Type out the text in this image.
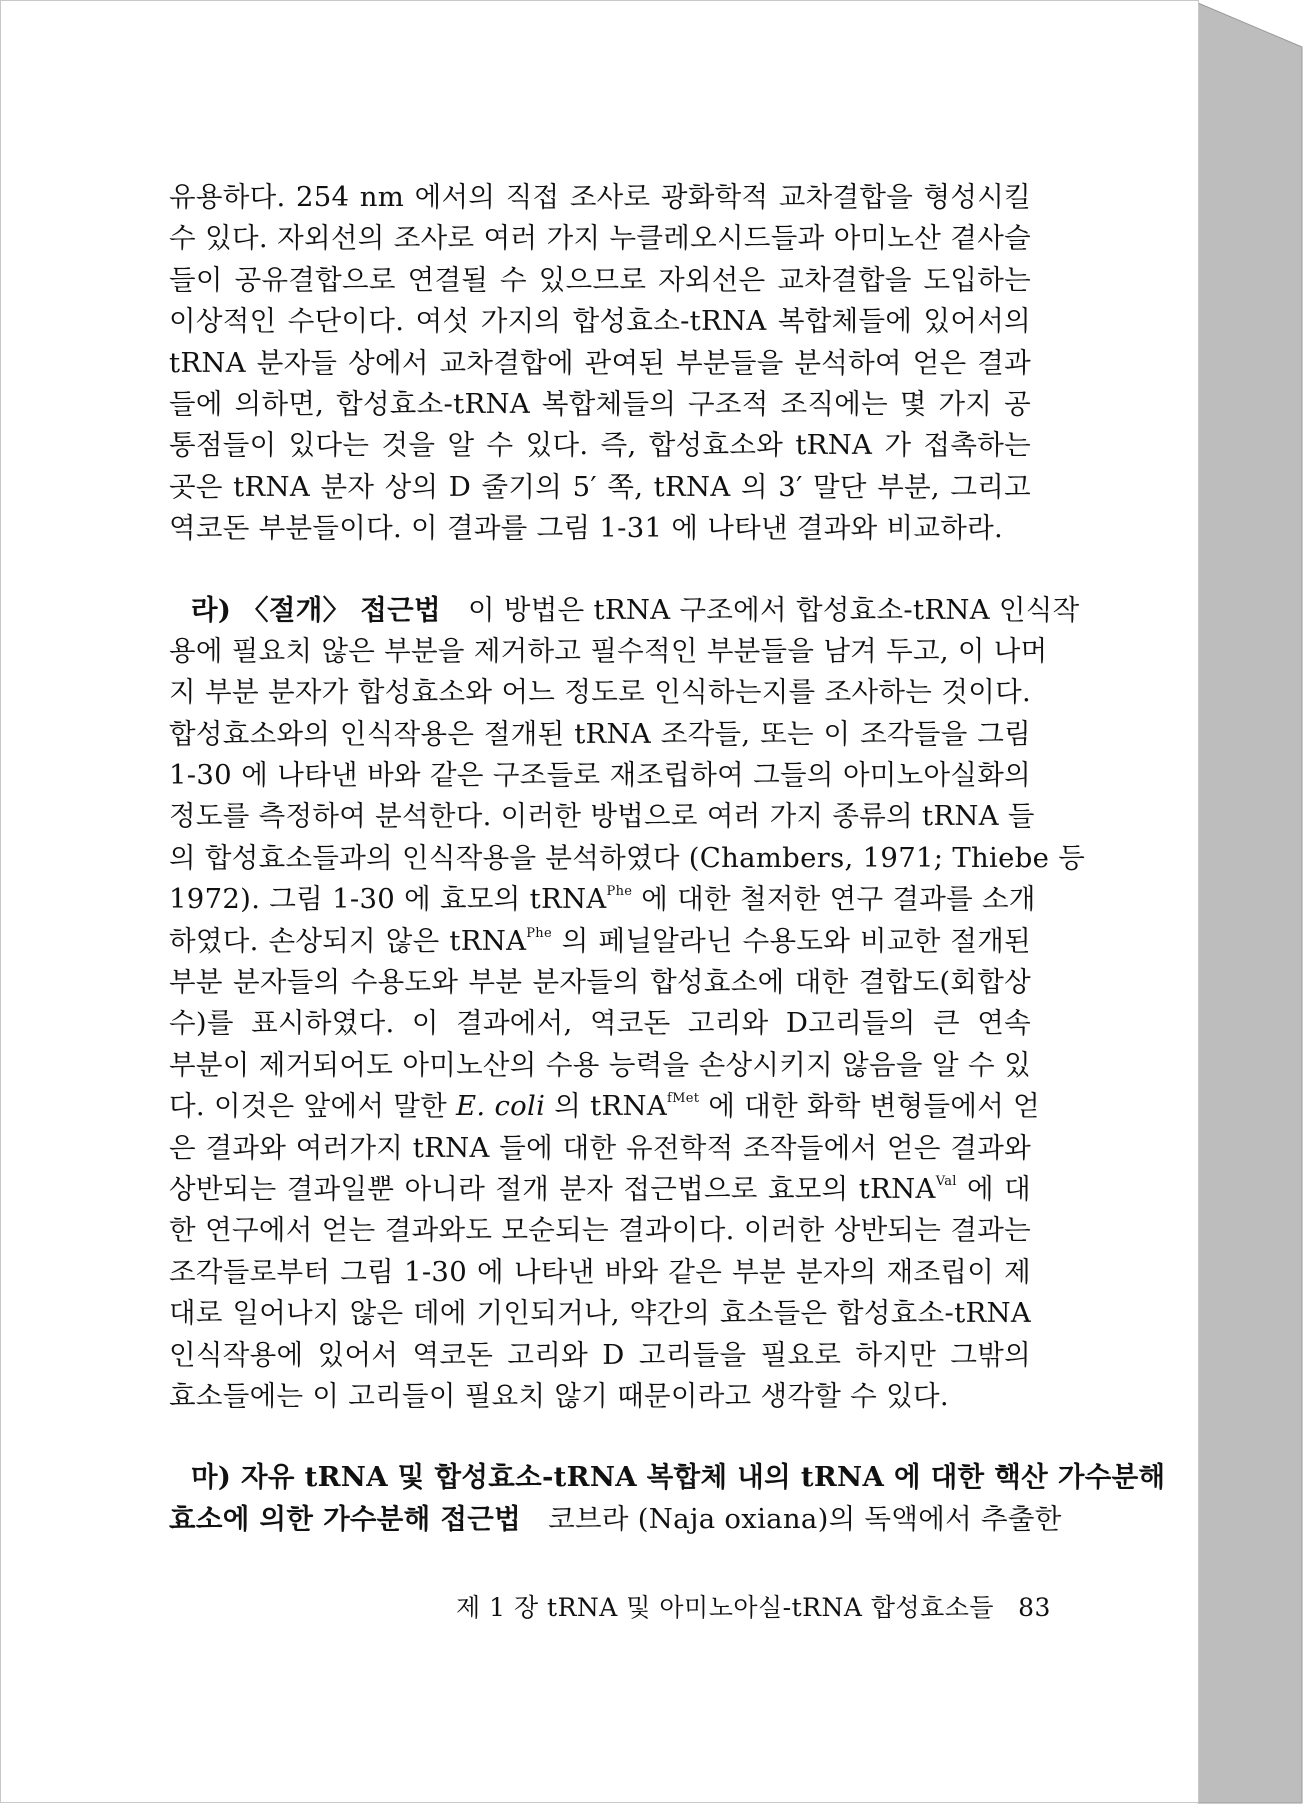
유용하다. 254 nm 에서의 직접 조사로 광화학적 교차결합을 형성시킬
수 있다. 자외선의 조사로 여러 가지 누클레오시드들과 아미노산 곁사슬
들이 공유결합으로 연결될 수 있으므로 자외선은 교차결합을 도입하는
이상적인 수단이다. 여섯 가지의 합성효소-tRNA 복합체들에 있어서의
tRNA 분자들 상에서 교차결합에 관여된 부분들을 분석하여 얻은 결과
들에 의하면, 합성효소-tRNA 복합체들의 구조적 조직에는 몇 가지 공
통점들이 있다는 것을 알 수 있다. 즉, 합성효소와 tRNA 가 접촉하는
곳은 tRNA 분자 상의 D 줄기의 5′ 쪽, tRNA 의 3′ 말단 부분, 그리고
역코돈 부분들이다. 이 결과를 그림 1-31 에 나타낸 결과와 비교하라.
라) 〈절개〉 접근법 이 방법은 tRNA 구조에서 합성효소-tRNA 인식작
용에 필요치 않은 부분을 제거하고 필수적인 부분들을 남겨 두고, 이 나머
지 부분 분자가 합성효소와 어느 정도로 인식하는지를 조사하는 것이다.
합성효소와의 인식작용은 절개된 tRNA 조각들, 또는 이 조각들을 그림
1-30 에 나타낸 바와 같은 구조들로 재조립하여 그들의 아미노아실화의
정도를 측정하여 분석한다. 이러한 방법으로 여러 가지 종류의 tRNA 들
의 합성효소들과의 인식작용을 분석하였다 (Chambers, 1971; Thiebe 등
1972). 그림 1-30 에 효모의 tRNA$^{Phe}$ 에 대한 철저한 연구 결과를 소개
하였다. 손상되지 않은 tRNA$^{Phe}$ 의 페닐알라닌 수용도와 비교한 절개된
부분 분자들의 수용도와 부분 분자들의 합성효소에 대한 결합도(회합상
수)를 표시하였다. 이 결과에서, 역코돈 고리와 D고리들의 큰 연속
부분이 제거되어도 아미노산의 수용 능력을 손상시키지 않음을 알 수 있
다. 이것은 앞에서 말한 E. coli 의 tRNA$^{fMet}$ 에 대한 화학 변형들에서 얻
은 결과와 여러가지 tRNA 들에 대한 유전학적 조작들에서 얻은 결과와
상반되는 결과일뿐 아니라 절개 분자 접근법으로 효모의 tRNA$^{Val}$ 에 대
한 연구에서 얻는 결과와도 모순되는 결과이다. 이러한 상반되는 결과는
조각들로부터 그림 1-30 에 나타낸 바와 같은 부분 분자의 재조립이 제
대로 일어나지 않은 데에 기인되거나, 약간의 효소들은 합성효소-tRNA
인식작용에 있어서 역코돈 고리와 D 고리들을 필요로 하지만 그밖의
효소들에는 이 고리들이 필요치 않기 때문이라고 생각할 수 있다.
마) 자유 tRNA 및 합성효소-tRNA 복합체 내의 tRNA 에 대한 핵산 가수분해
효소에 의한 가수분해 접근법 코브라 (Naja oxiana)의 독액에서 추출한
제 1 장 tRNA 및 아미노아실-tRNA 합성효소들 83
